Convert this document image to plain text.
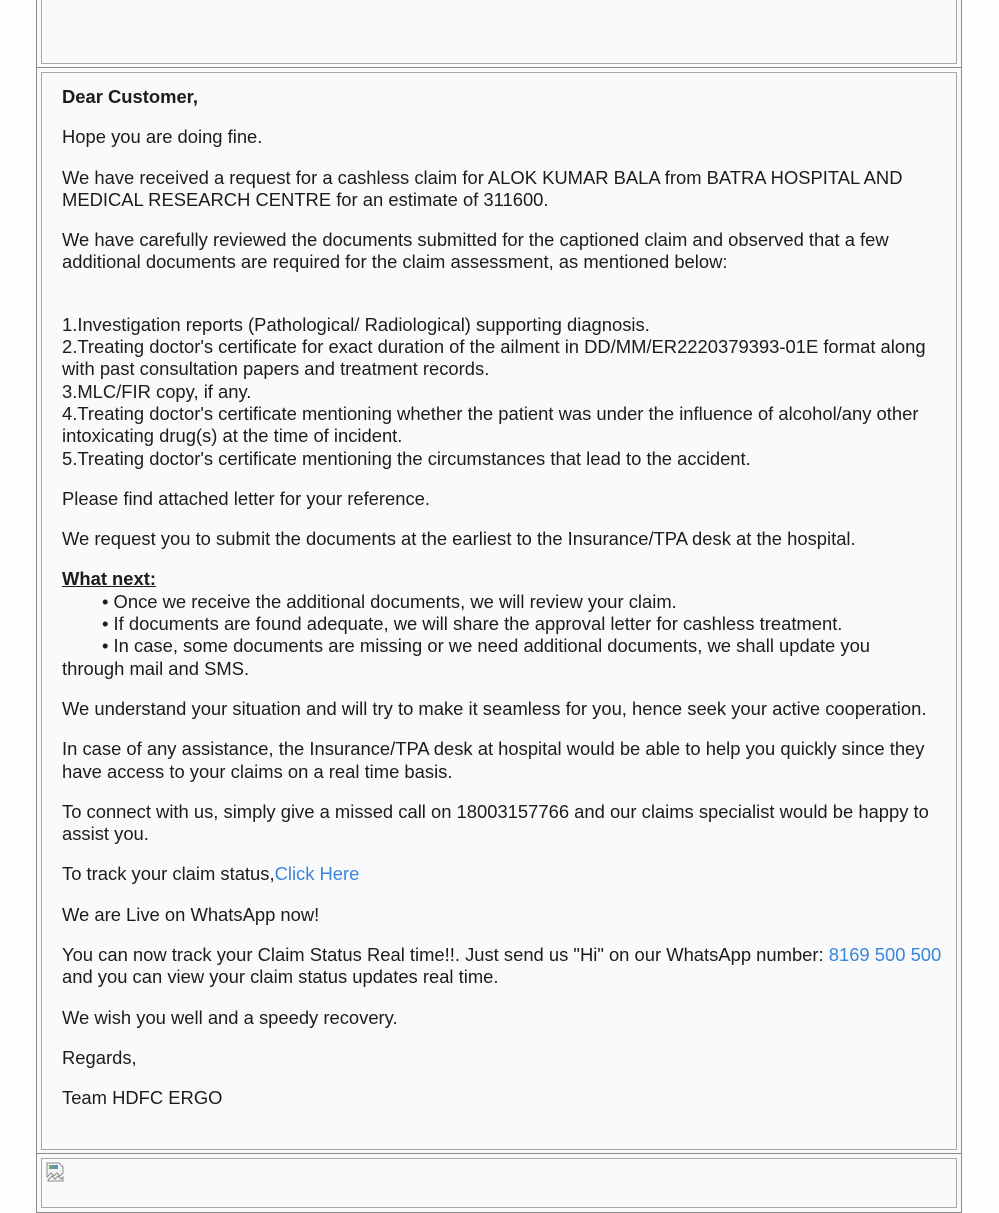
Dear Customer,

Hope you are doing fine.

We have received a request for a cashless claim for ALOK KUMAR BALA from BATRA HOSPITAL AND MEDICAL RESEARCH CENTRE for an estimate of 311600.

We have carefully reviewed the documents submitted for the captioned claim and observed that a few additional documents are required for the claim assessment, as mentioned below:

1.Investigation reports (Pathological/ Radiological) supporting diagnosis.

2.Treating doctor's certificate for exact duration of the ailment in DD/MM/ER2220379393-01E format along with past consultation papers and treatment records.

3.MLC/FIR copy, if any.

4.Treating doctor's certificate mentioning whether the patient was under the influence of alcohol/any other intoxicating drug(s) at the time of incident.

5.Treating doctor's certificate mentioning the circumstances that lead to the accident.

Please find attached letter for your reference.

We request you to submit the documents at the earliest to the Insurance/TPA desk at the hospital.

What next:

• Once we receive the additional documents, we will review your claim.

• If documents are found adequate, we will share the approval letter for cashless treatment.

• In case, some documents are missing or we need additional documents, we shall update you

through mail and SMS.

We understand your situation and will try to make it seamless for you, hence seek your active cooperation.

In case of any assistance, the Insurance/TPA desk at hospital would be able to help you quickly since they have access to your claims on a real time basis.

To connect with us, simply give a missed call on 18003157766 and our claims specialist would be happy to assist you.

To track your claim status,Click Here

We are Live on WhatsApp now!

You can now track your Claim Status Real time!!. Just send us "Hi" on our WhatsApp number: 8169 500 500 and you can view your claim status updates real time.

We wish you well and a speedy recovery.

Regards,

Team HDFC ERGO
